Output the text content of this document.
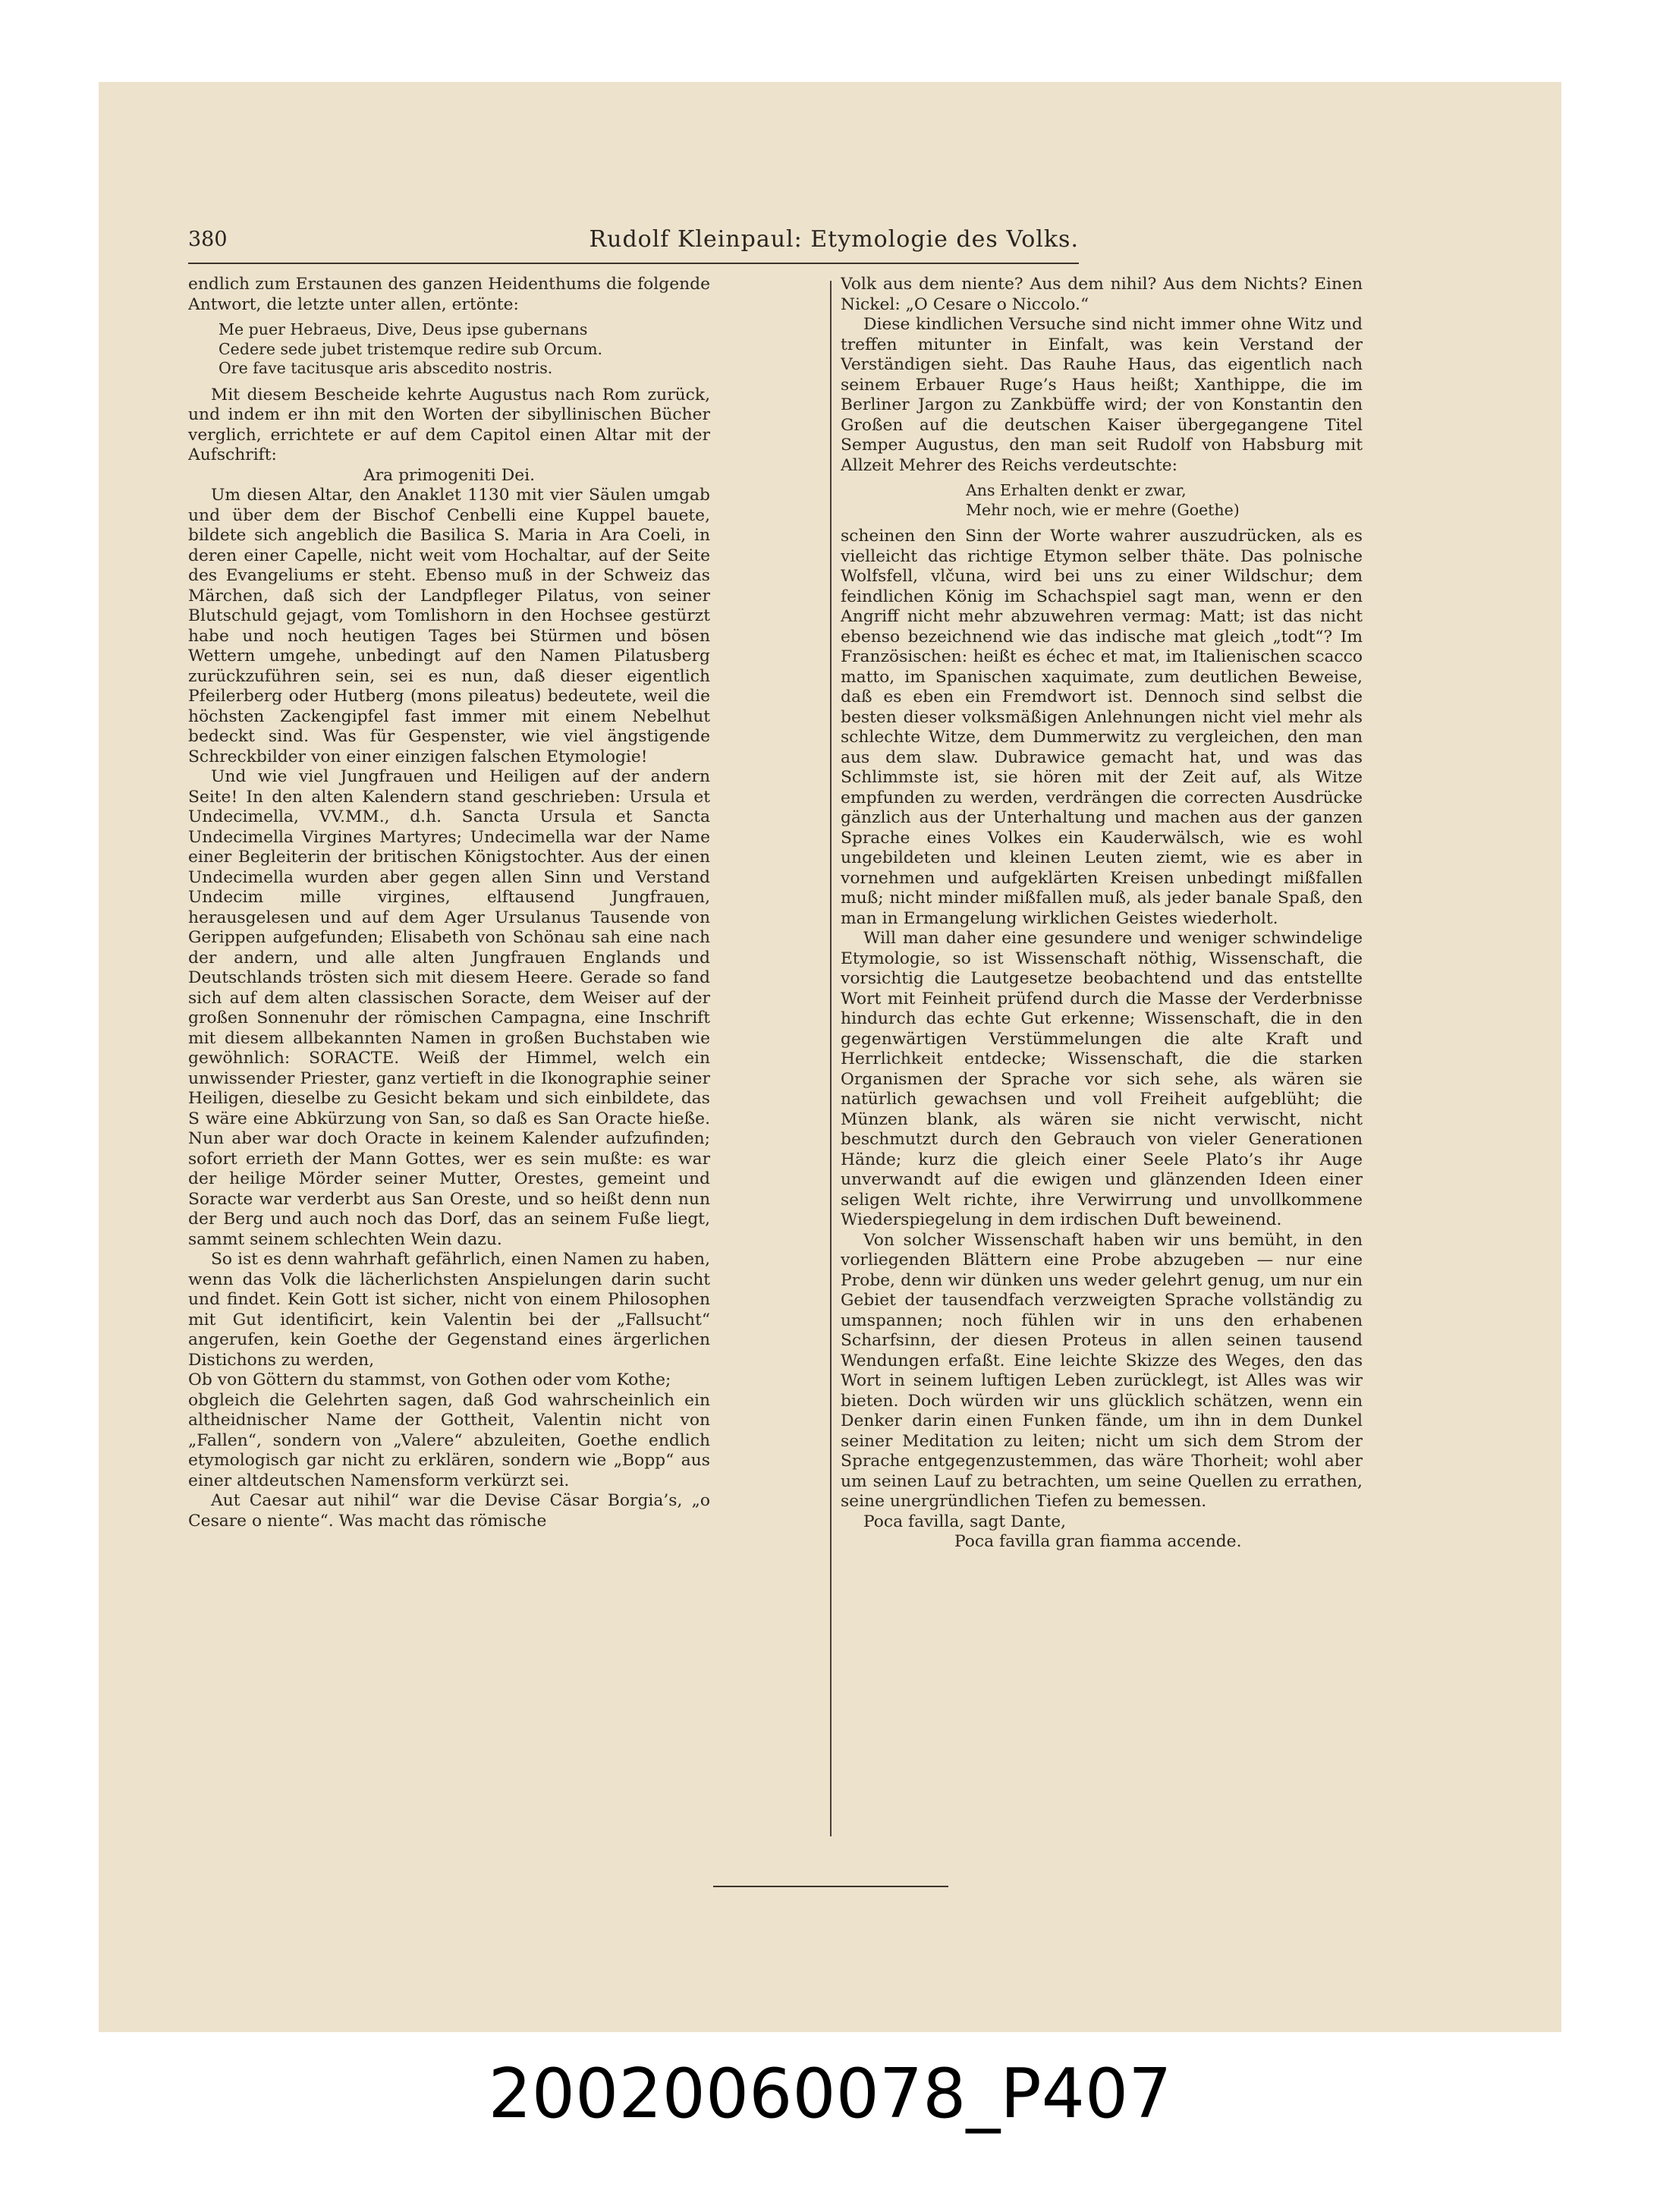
380	Rudolf Kleinpaul: Etymologie des Volks.

endlich zum Erstaunen des ganzen Heidenthums die folgende Antwort, die letzte unter allen, ertönte:

Me puer Hebraeus, Dive, Deus ipse gubernans
Cedere sede jubet tristemque redire sub Orcum.
Ore fave tacitusque aris abscedito nostris.

Mit diesem Bescheide kehrte Augustus nach Rom zurück, und indem er ihn mit den Worten der sibyllinischen Bücher verglich, errichtete er auf dem Capitol einen Altar mit der Aufschrift:

Ara primogeniti Dei.

Um diesen Altar, den Anaklet 1130 mit vier Säulen umgab und über dem der Bischof Cenbelli eine Kuppel bauete, bildete sich angeblich die Basilica S. Maria in Ara Coeli, in deren einer Capelle, nicht weit vom Hochaltar, auf der Seite des Evangeliums er steht. Ebenso muß in der Schweiz das Märchen, daß sich der Landpfleger Pilatus, von seiner Blutschuld gejagt, vom Tomlishorn in den Hochsee gestürzt habe und noch heutigen Tages bei Stürmen und bösen Wettern umgehe, unbedingt auf den Namen Pilatusberg zurückzuführen sein, sei es nun, daß dieser eigentlich Pfeilerberg oder Hutberg (mons pileatus) bedeutete, weil die höchsten Zackengipfel fast immer mit einem Nebelhut bedeckt sind. Was für Gespenster, wie viel ängstigende Schreckbilder von einer einzigen falschen Etymologie!

Und wie viel Jungfrauen und Heiligen auf der andern Seite! In den alten Kalendern stand geschrieben: Ursula et Undecimella, VV.MM., d.h. Sancta Ursula et Sancta Undecimella Virgines Martyres; Undecimella war der Name einer Begleiterin der britischen Königstochter. Aus der einen Undecimella wurden aber gegen allen Sinn und Verstand Undecim mille virgines, elftausend Jungfrauen, herausgelesen und auf dem Ager Ursulanus Tausende von Gerippen aufgefunden; Elisabeth von Schönau sah eine nach der andern, und alle alten Jungfrauen Englands und Deutschlands trösten sich mit diesem Heere. Gerade so fand sich auf dem alten classischen Soracte, dem Weiser auf der großen Sonnenuhr der römischen Campagna, eine Inschrift mit diesem allbekannten Namen in großen Buchstaben wie gewöhnlich: SORACTE. Weiß der Himmel, welch ein unwissender Priester, ganz vertieft in die Ikonographie seiner Heiligen, dieselbe zu Gesicht bekam und sich einbildete, das S wäre eine Abkürzung von San, so daß es San Oracte hieße. Nun aber war doch Oracte in keinem Kalender aufzufinden; sofort errieth der Mann Gottes, wer es sein mußte: es war der heilige Mörder seiner Mutter, Orestes, gemeint und Soracte war verderbt aus San Oreste, und so heißt denn nun der Berg und auch noch das Dorf, das an seinem Fuße liegt, sammt seinem schlechten Wein dazu.

So ist es denn wahrhaft gefährlich, einen Namen zu haben, wenn das Volk die lächerlichsten Anspielungen darin sucht und findet. Kein Gott ist sicher, nicht von einem Philosophen mit Gut identificirt, kein Valentin bei der „Fallsucht“ angerufen, kein Goethe der Gegenstand eines ärgerlichen Distichons zu werden,

Ob von Göttern du stammst, von Gothen oder vom Kothe;

obgleich die Gelehrten sagen, daß God wahrscheinlich ein altheidnischer Name der Gottheit, Valentin nicht von „Fallen“, sondern von „Valere“ abzuleiten, Goethe endlich etymologisch gar nicht zu erklären, sondern wie „Bopp“ aus einer altdeutschen Namensform verkürzt sei.

Aut Caesar aut nihil“ war die Devise Cäsar Borgia’s, „o Cesare o niente“. Was macht das römische

Volk aus dem niente? Aus dem nihil? Aus dem Nichts? Einen Nickel: „O Cesare o Niccolo.“

Diese kindlichen Versuche sind nicht immer ohne Witz und treffen mitunter in Einfalt, was kein Verstand der Verständigen sieht. Das Rauhe Haus, das eigentlich nach seinem Erbauer Ruge’s Haus heißt; Xanthippe, die im Berliner Jargon zu Zankbüffe wird; der von Konstantin den Großen auf die deutschen Kaiser übergegangene Titel Semper Augustus, den man seit Rudolf von Habsburg mit Allzeit Mehrer des Reichs verdeutschte:

Ans Erhalten denkt er zwar,
Mehr noch, wie er mehre (Goethe)

scheinen den Sinn der Worte wahrer auszudrücken, als es vielleicht das richtige Etymon selber thäte. Das polnische Wolfsfell, vlčuna, wird bei uns zu einer Wildschur; dem feindlichen König im Schachspiel sagt man, wenn er den Angriff nicht mehr abzuwehren vermag: Matt; ist das nicht ebenso bezeichnend wie das indische mat gleich „todt“? Im Französischen: heißt es échec et mat, im Italienischen scacco matto, im Spanischen xaquimate, zum deutlichen Beweise, daß es eben ein Fremdwort ist. Dennoch sind selbst die besten dieser volksmäßigen Anlehnungen nicht viel mehr als schlechte Witze, dem Dummerwitz zu vergleichen, den man aus dem slaw. Dubrawice gemacht hat, und was das Schlimmste ist, sie hören mit der Zeit auf, als Witze empfunden zu werden, verdrängen die correcten Ausdrücke gänzlich aus der Unterhaltung und machen aus der ganzen Sprache eines Volkes ein Kauderwälsch, wie es wohl ungebildeten und kleinen Leuten ziemt, wie es aber in vornehmen und aufgeklärten Kreisen unbedingt mißfallen muß; nicht minder mißfallen muß, als jeder banale Spaß, den man in Ermangelung wirklichen Geistes wiederholt.

Will man daher eine gesundere und weniger schwindelige Etymologie, so ist Wissenschaft nöthig, Wissenschaft, die vorsichtig die Lautgesetze beobachtend und das entstellte Wort mit Feinheit prüfend durch die Masse der Verderbnisse hindurch das echte Gut erkenne; Wissenschaft, die in den gegenwärtigen Verstümmelungen die alte Kraft und Herrlichkeit entdecke; Wissenschaft, die die starken Organismen der Sprache vor sich sehe, als wären sie natürlich gewachsen und voll Freiheit aufgeblüht; die Münzen blank, als wären sie nicht verwischt, nicht beschmutzt durch den Gebrauch von vieler Generationen Hände; kurz die gleich einer Seele Plato’s ihr Auge unverwandt auf die ewigen und glänzenden Ideen einer seligen Welt richte, ihre Verwirrung und unvollkommene Wiederspiegelung in dem irdischen Duft beweinend.

Von solcher Wissenschaft haben wir uns bemüht, in den vorliegenden Blättern eine Probe abzugeben — nur eine Probe, denn wir dünken uns weder gelehrt genug, um nur ein Gebiet der tausendfach verzweigten Sprache vollständig zu umspannen; noch fühlen wir in uns den erhabenen Scharfsinn, der diesen Proteus in allen seinen tausend Wendungen erfaßt. Eine leichte Skizze des Weges, den das Wort in seinem luftigen Leben zurücklegt, ist Alles was wir bieten. Doch würden wir uns glücklich schätzen, wenn ein Denker darin einen Funken fände, um ihn in dem Dunkel seiner Meditation zu leiten; nicht um sich dem Strom der Sprache entgegenzustemmen, das wäre Thorheit; wohl aber um seinen Lauf zu betrachten, um seine Quellen zu errathen, seine unergründlichen Tiefen zu bemessen.

Poca favilla, sagt Dante,

Poca favilla gran fiamma accende.

20020060078_P407
